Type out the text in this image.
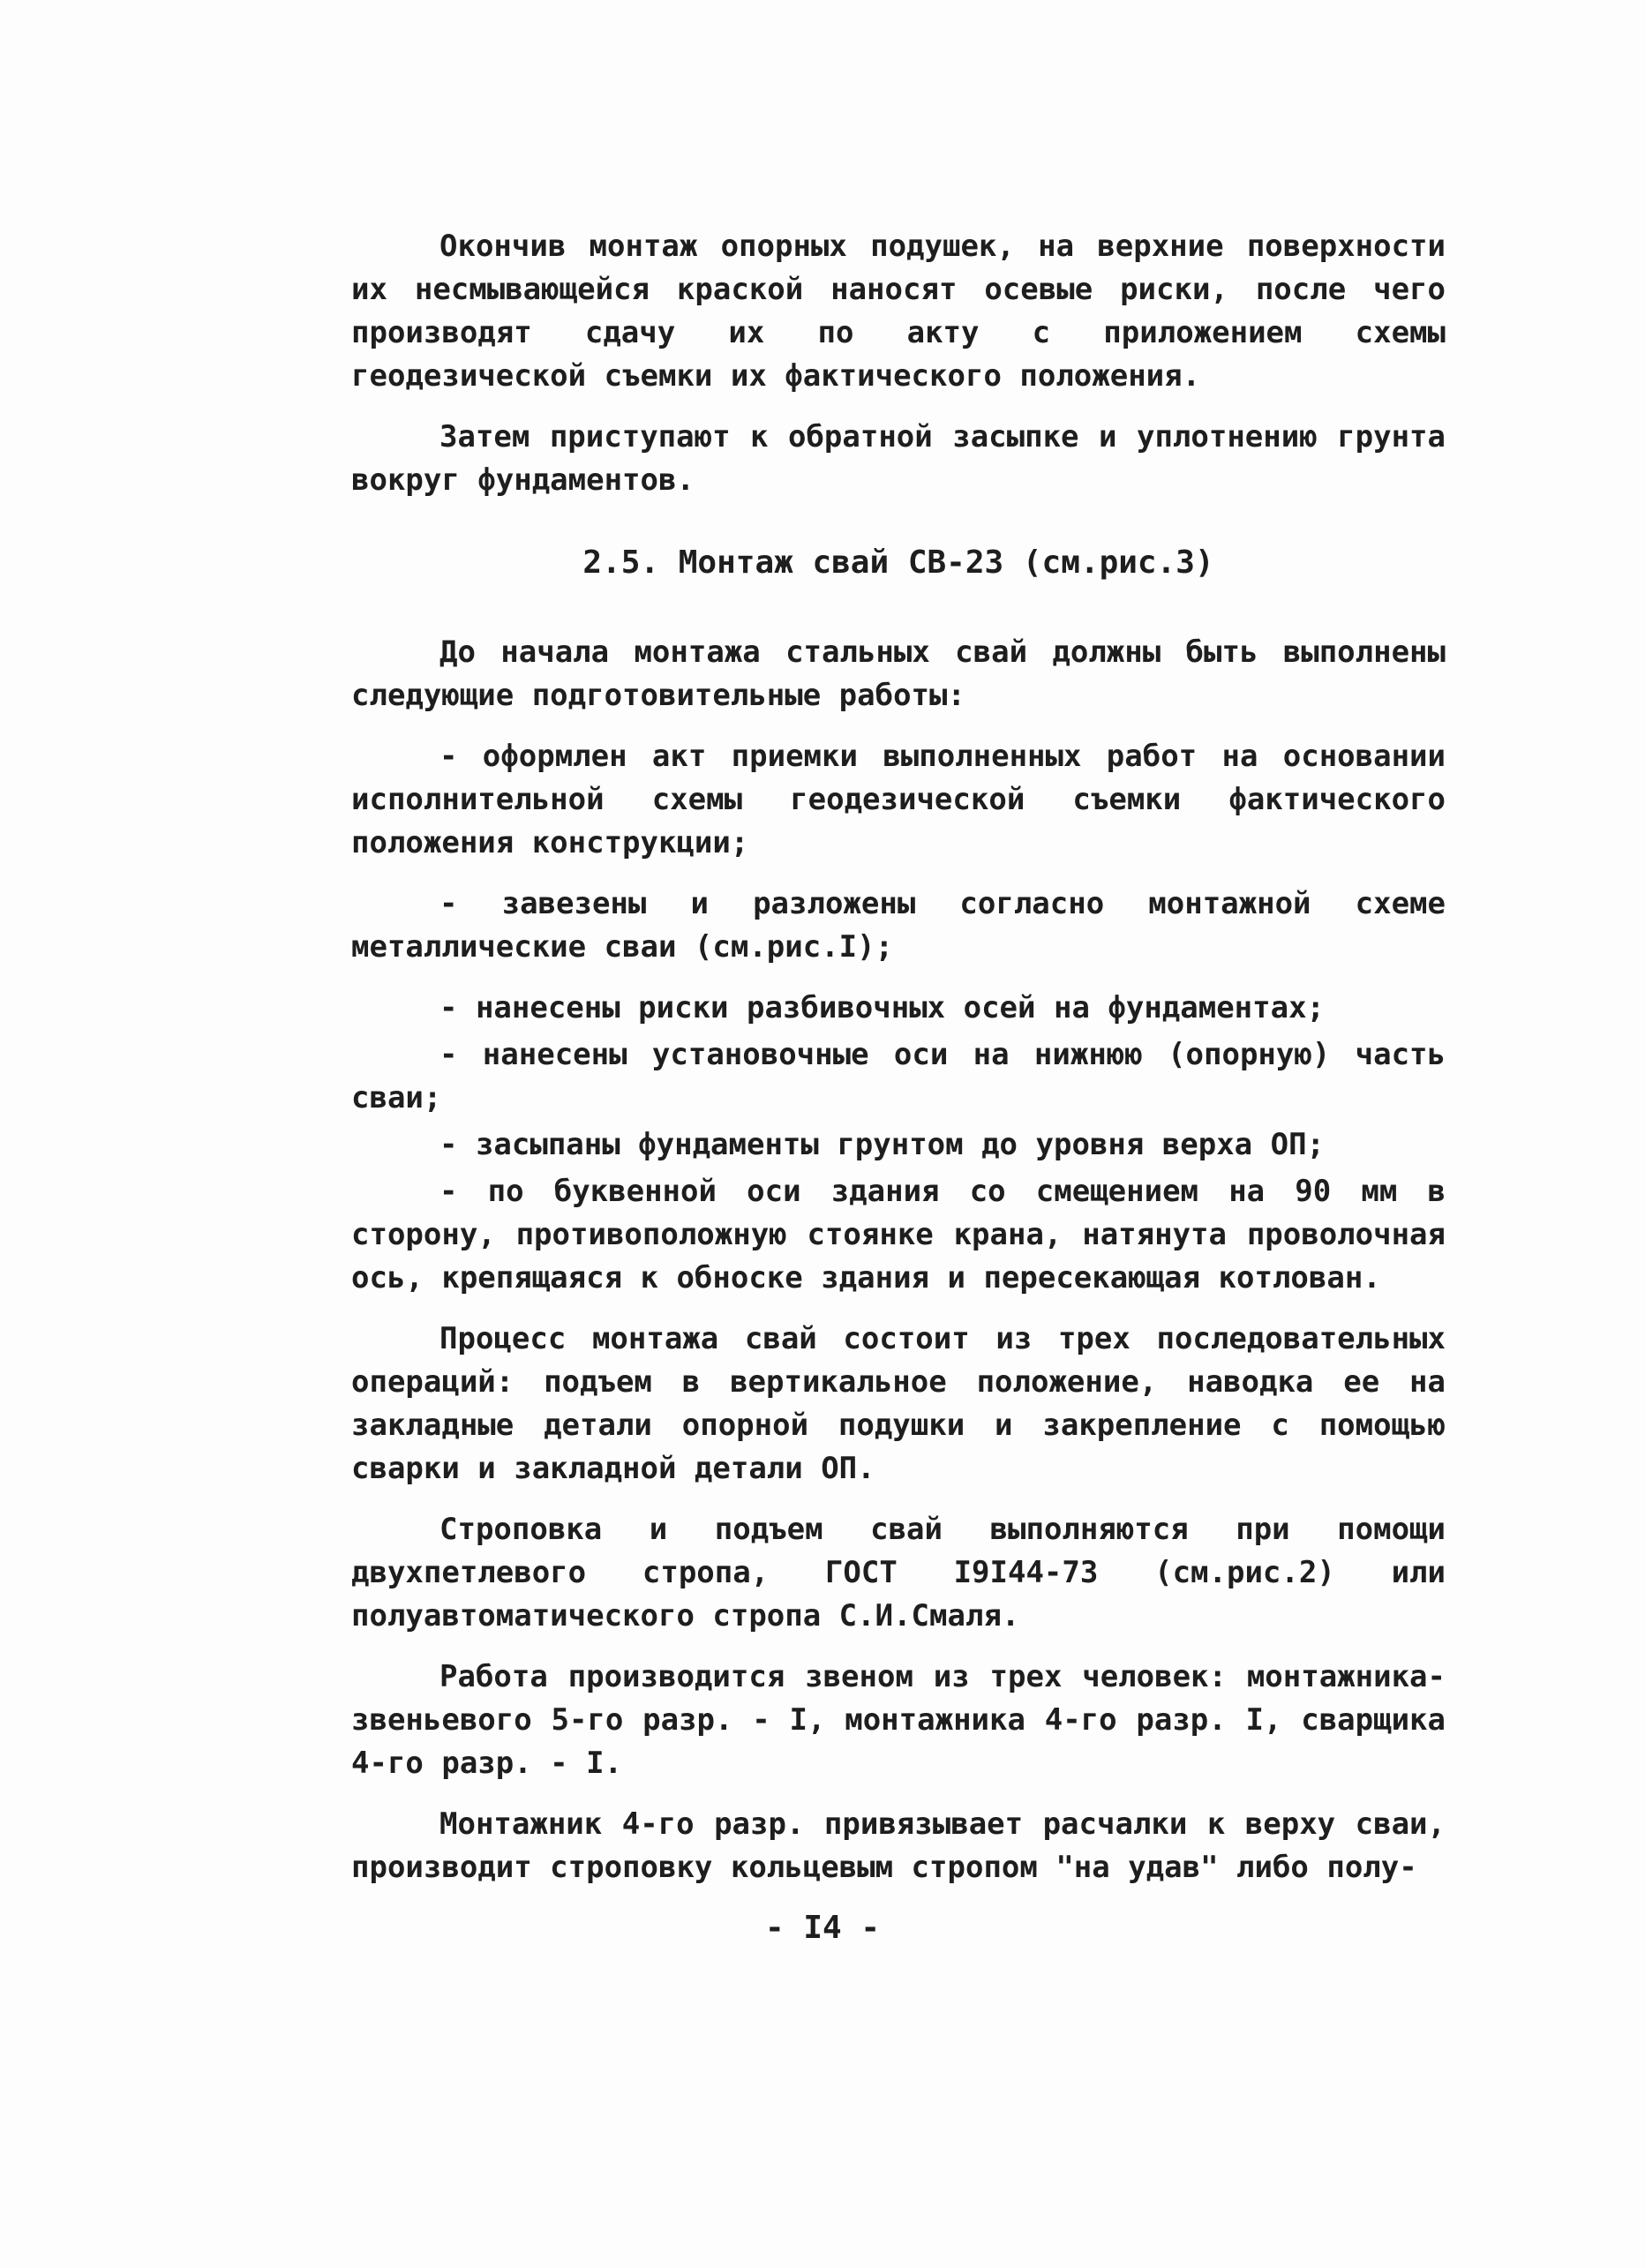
Окончив монтаж опорных подушек, на верхние поверхности их несмывающейся краской наносят осевые риски, после чего производят сдачу их по акту с приложением схемы геодезической съемки их фактического положения.

Затем приступают к обратной засыпке и уплотнению грунта вокруг фундаментов.

2.5. Монтаж свай СВ-23 (см.рис.3)

До начала монтажа стальных свай должны быть выполнены следующие подготовительные работы:

- оформлен акт приемки выполненных работ на основании исполнительной схемы геодезической съемки фактического положения конструкции;

- завезены и разложены согласно монтажной схеме металлические сваи (см.рис.I);

- нанесены риски разбивочных осей на фундаментах;

- нанесены установочные оси на нижнюю (опорную) часть сваи;

- засыпаны фундаменты грунтом до уровня верха ОП;

- по буквенной оси здания со смещением на 90 мм в сторону, противоположную стоянке крана, натянута проволочная ось, крепящаяся к обноске здания и пересекающая котлован.

Процесс монтажа свай состоит из трех последовательных операций: подъем в вертикальное положение, наводка ее на закладные детали опорной подушки и закрепление с помощью сварки и закладной детали ОП.

Строповка и подъем свай выполняются при помощи двухпетлевого стропа, ГОСТ I9I44-73 (см.рис.2) или полуавтоматического стропа С.И.Смаля.

Работа производится звеном из трех человек: монтажника-звеньевого 5-го разр. - I, монтажника 4-го разр. I, сварщика 4-го разр. - I.

Монтажник 4-го разр. привязывает расчалки к верху сваи, производит строповку кольцевым стропом "на удав" либо полу-

- I4 -
